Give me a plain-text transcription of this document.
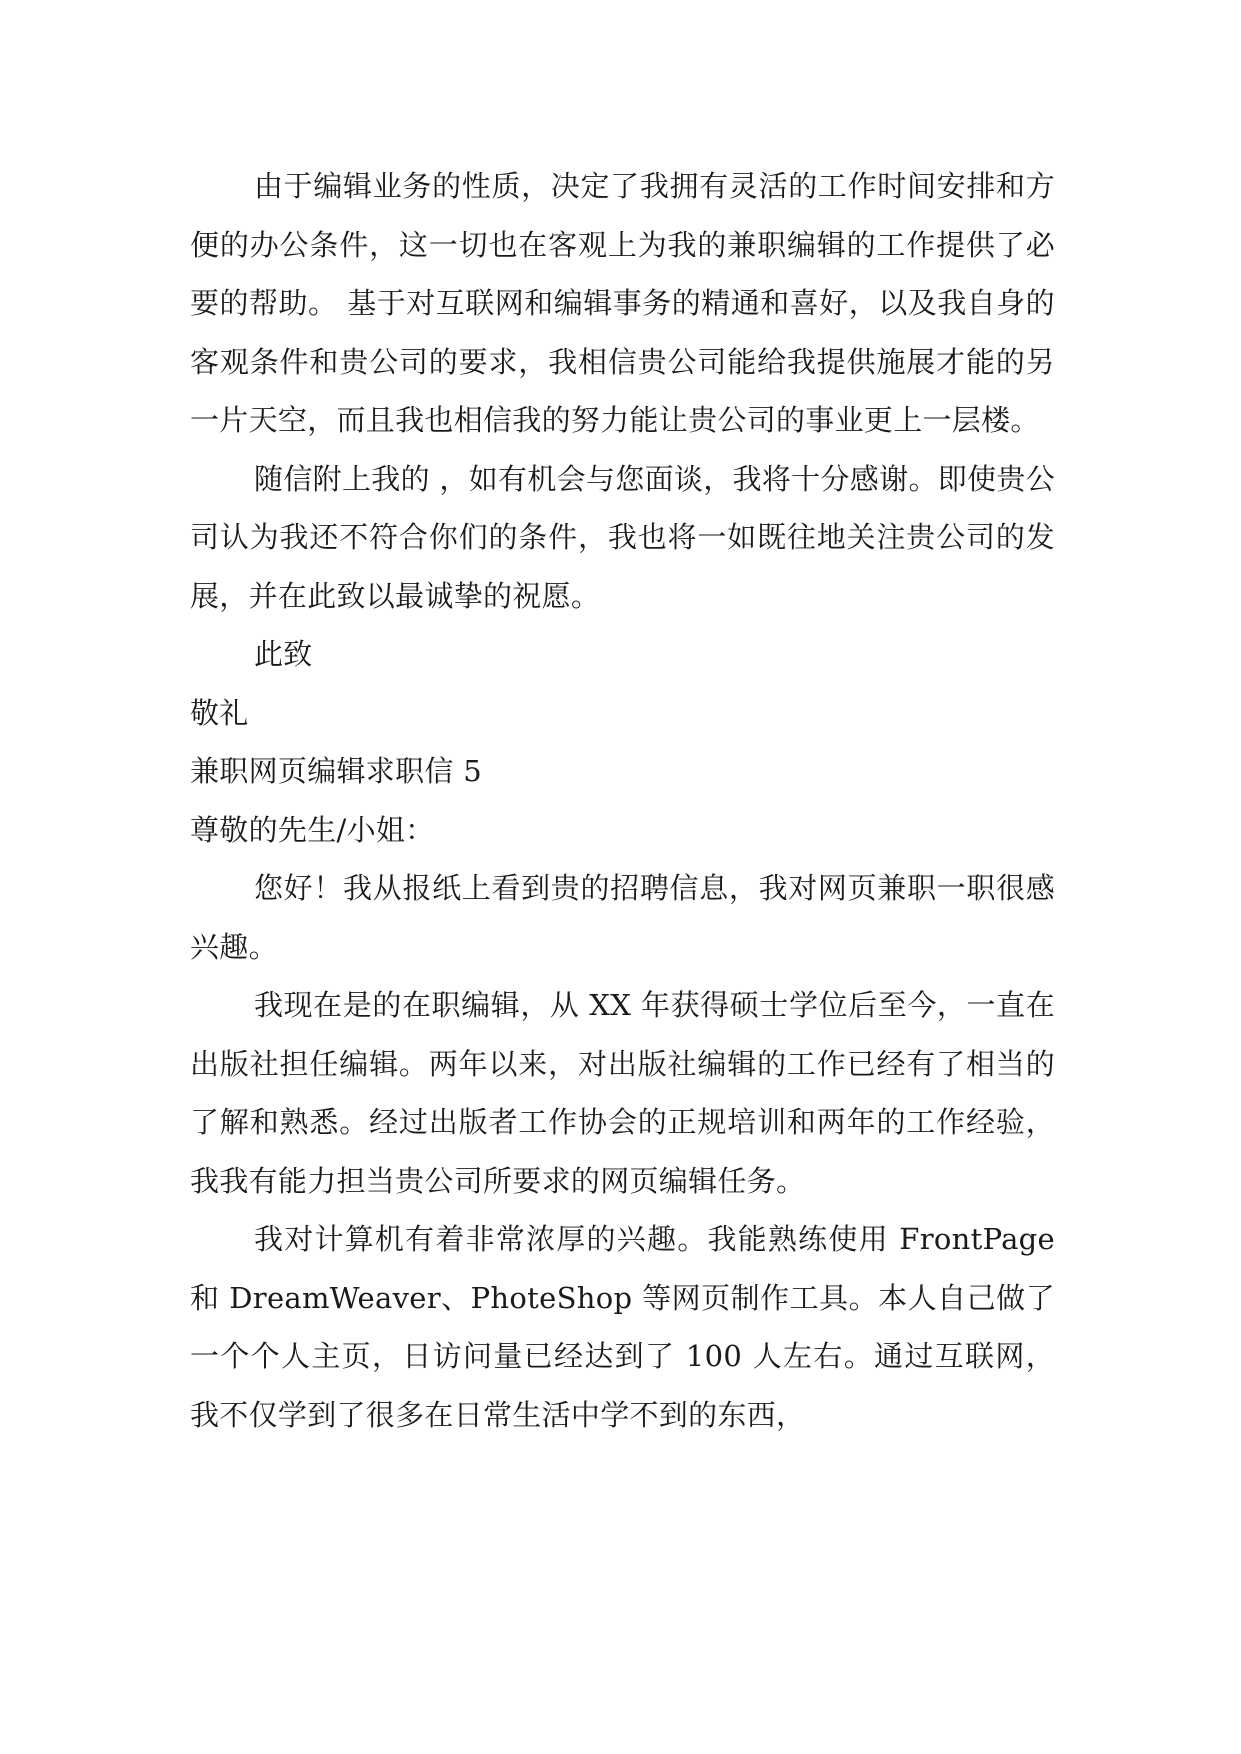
由于编辑业务的性质，决定了我拥有灵活的工作时间安排和方便的办公条件，这一切也在客观上为我的兼职编辑的工作提供了必要的帮助。 基于对互联网和编辑事务的精通和喜好，以及我自身的客观条件和贵公司的要求，我相信贵公司能给我提供施展才能的另一片天空，而且我也相信我的努力能让贵公司的事业更上一层楼。

随信附上我的 ，如有机会与您面谈，我将十分感谢。即使贵公司认为我还不符合你们的条件，我也将一如既往地关注贵公司的发展，并在此致以最诚挚的祝愿。

此致

敬礼

兼职网页编辑求职信 5

尊敬的先生/小姐：

您好！我从报纸上看到贵的招聘信息，我对网页兼职一职很感兴趣。

我现在是的在职编辑，从 XX 年获得硕士学位后至今，一直在出版社担任编辑。两年以来，对出版社编辑的工作已经有了相当的了解和熟悉。经过出版者工作协会的正规培训和两年的工作经验，我我有能力担当贵公司所要求的网页编辑任务。

我对计算机有着非常浓厚的兴趣。我能熟练使用 FrontPage 和 DreamWeaver、PhoteShop 等网页制作工具。本人自己做了一个个人主页，日访问量已经达到了 100 人左右。通过互联网，我不仅学到了很多在日常生活中学不到的东西，
